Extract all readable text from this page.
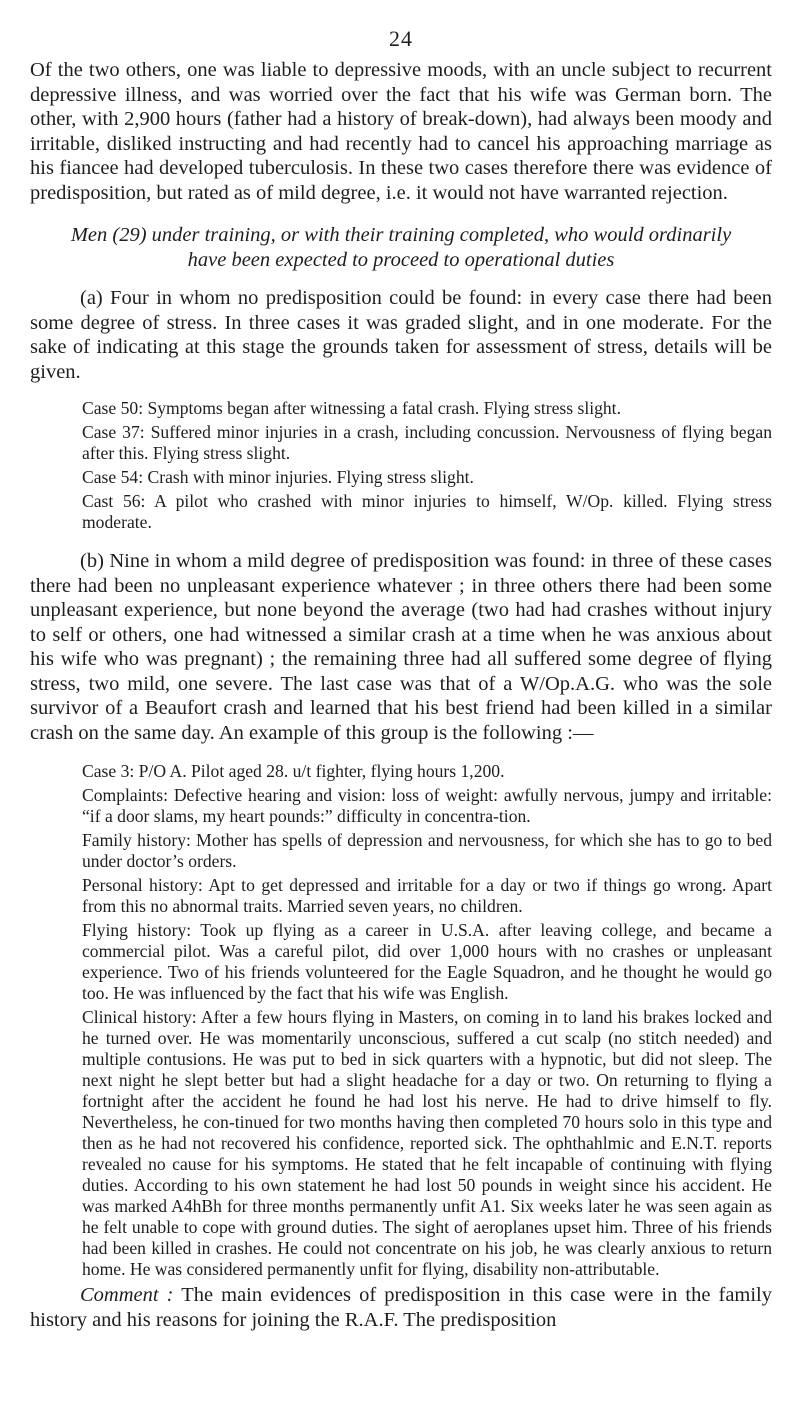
24

Of the two others, one was liable to depressive moods, with an uncle subject to recurrent depressive illness, and was worried over the fact that his wife was German born. The other, with 2,900 hours (father had a history of break-down), had always been moody and irritable, disliked instructing and had recently had to cancel his approaching marriage as his fiancee had developed tuberculosis. In these two cases therefore there was evidence of predisposition, but rated as of mild degree, i.e. it would not have warranted rejection.

Men (29) under training, or with their training completed, who would ordinarily have been expected to proceed to operational duties

(a) Four in whom no predisposition could be found: in every case there had been some degree of stress. In three cases it was graded slight, and in one moderate. For the sake of indicating at this stage the grounds taken for assessment of stress, details will be given.

Case 50: Symptoms began after witnessing a fatal crash. Flying stress slight.

Case 37: Suffered minor injuries in a crash, including concussion. Nervousness of flying began after this. Flying stress slight.

Case 54: Crash with minor injuries. Flying stress slight.

Cast 56: A pilot who crashed with minor injuries to himself, W/Op. killed. Flying stress moderate.

(b) Nine in whom a mild degree of predisposition was found: in three of these cases there had been no unpleasant experience whatever ; in three others there had been some unpleasant experience, but none beyond the average (two had had crashes without injury to self or others, one had witnessed a similar crash at a time when he was anxious about his wife who was pregnant) ; the remaining three had all suffered some degree of flying stress, two mild, one severe. The last case was that of a W/Op.A.G. who was the sole survivor of a Beaufort crash and learned that his best friend had been killed in a similar crash on the same day. An example of this group is the following :—

Case 3: P/O A. Pilot aged 28. u/t fighter, flying hours 1,200.

Complaints: Defective hearing and vision: loss of weight: awfully nervous, jumpy and irritable: “if a door slams, my heart pounds:” difficulty in concentra-tion.

Family history: Mother has spells of depression and nervousness, for which she has to go to bed under doctor’s orders.

Personal history: Apt to get depressed and irritable for a day or two if things go wrong. Apart from this no abnormal traits. Married seven years, no children.

Flying history: Took up flying as a career in U.S.A. after leaving college, and became a commercial pilot. Was a careful pilot, did over 1,000 hours with no crashes or unpleasant experience. Two of his friends volunteered for the Eagle Squadron, and he thought he would go too. He was influenced by the fact that his wife was English.

Clinical history: After a few hours flying in Masters, on coming in to land his brakes locked and he turned over. He was momentarily unconscious, suffered a cut scalp (no stitch needed) and multiple contusions. He was put to bed in sick quarters with a hypnotic, but did not sleep. The next night he slept better but had a slight headache for a day or two. On returning to flying a fortnight after the accident he found he had lost his nerve. He had to drive himself to fly. Nevertheless, he con-tinued for two months having then completed 70 hours solo in this type and then as he had not recovered his confidence, reported sick. The ophthahlmic and E.N.T. reports revealed no cause for his symptoms. He stated that he felt incapable of continuing with flying duties. According to his own statement he had lost 50 pounds in weight since his accident. He was marked A4hBh for three months permanently unfit A1. Six weeks later he was seen again as he felt unable to cope with ground duties. The sight of aeroplanes upset him. Three of his friends had been killed in crashes. He could not concentrate on his job, he was clearly anxious to return home. He was considered permanently unfit for flying, disability non-attributable.

Comment : The main evidences of predisposition in this case were in the family history and his reasons for joining the R.A.F. The predisposition
